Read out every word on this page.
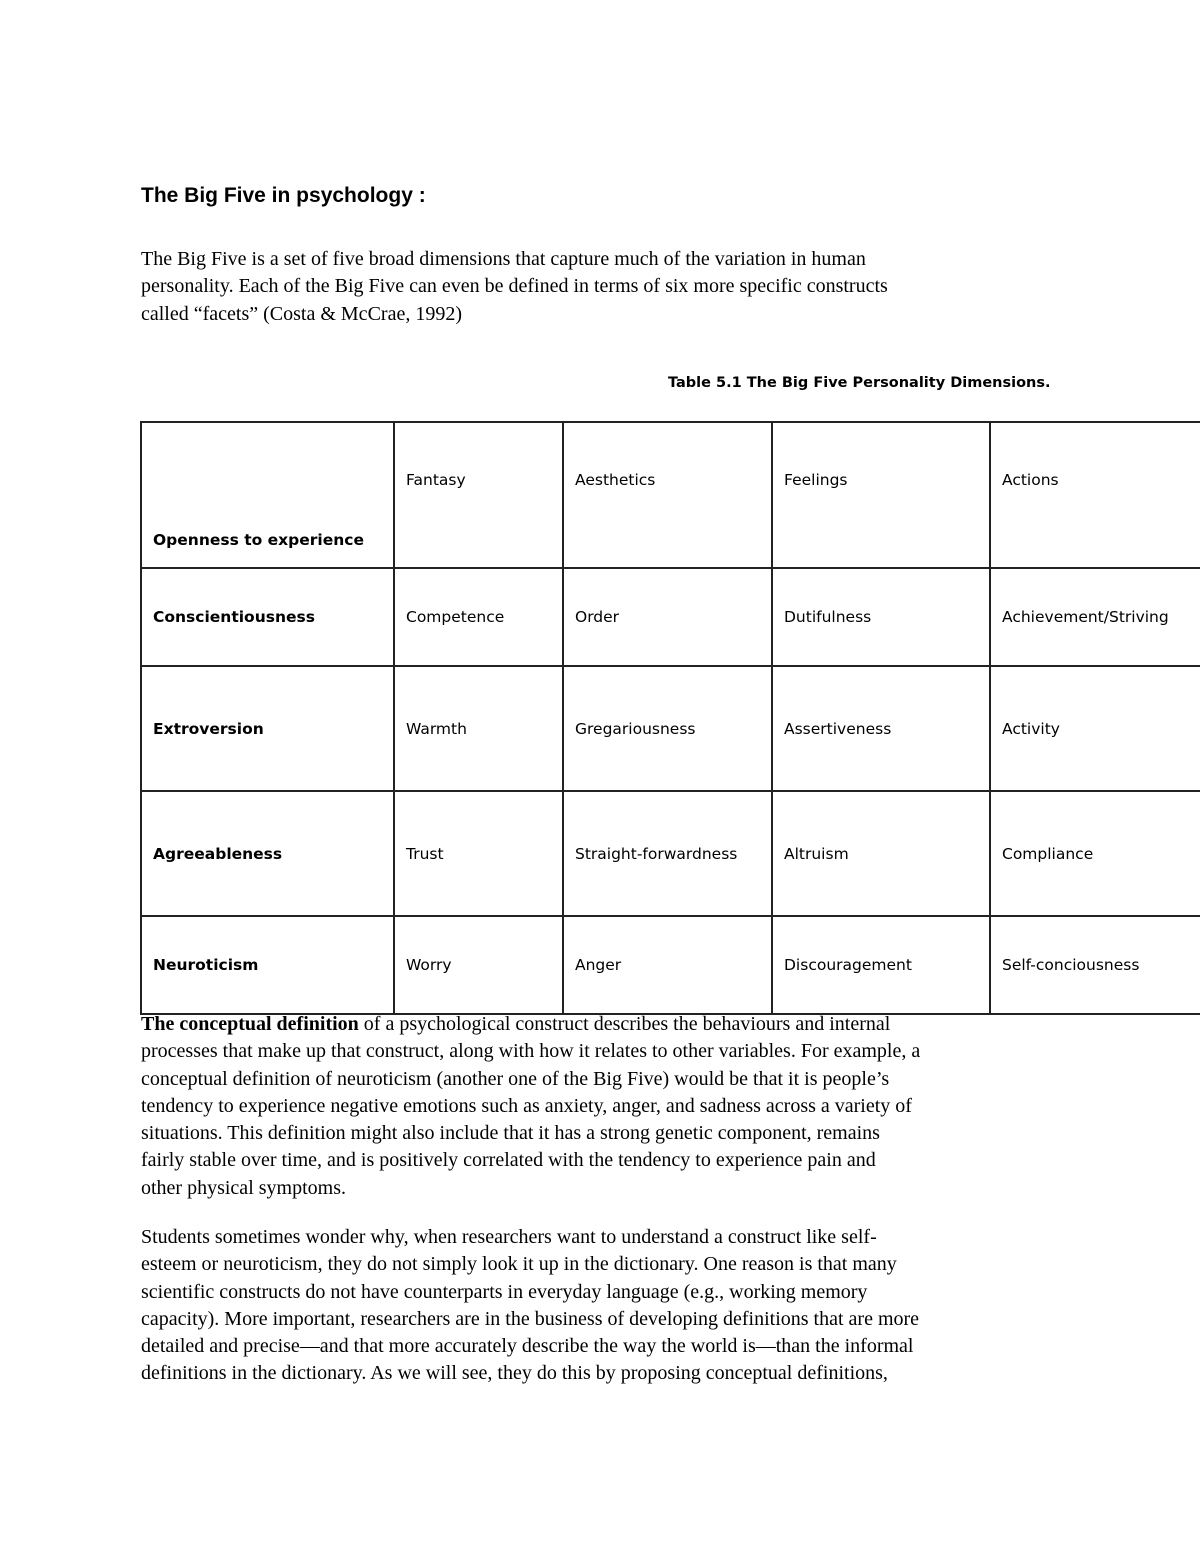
The Big Five in psychology :

The Big Five is a set of five broad dimensions that capture much of the variation in human
personality. Each of the Big Five can even be defined in terms of six more specific constructs
called “facets” (Costa & McCrae, 1992)

Table 5.1 The Big Five Personality Dimensions.
Openness to experience	Fantasy	Aesthetics	Feelings	Actions
Conscientiousness	Competence	Order	Dutifulness	Achievement/Striving
Extroversion	Warmth	Gregariousness	Assertiveness	Activity
Agreeableness	Trust	Straight-forwardness	Altruism	Compliance
Neuroticism	Worry	Anger	Discouragement	Self-conciousness

The conceptual definition of a psychological construct describes the behaviours and internal
processes that make up that construct, along with how it relates to other variables. For example, a
conceptual definition of neuroticism (another one of the Big Five) would be that it is people’s
tendency to experience negative emotions such as anxiety, anger, and sadness across a variety of
situations. This definition might also include that it has a strong genetic component, remains
fairly stable over time, and is positively correlated with the tendency to experience pain and
other physical symptoms.

Students sometimes wonder why, when researchers want to understand a construct like self-
esteem or neuroticism, they do not simply look it up in the dictionary. One reason is that many
scientific constructs do not have counterparts in everyday language (e.g., working memory
capacity). More important, researchers are in the business of developing definitions that are more
detailed and precise—and that more accurately describe the way the world is—than the informal
definitions in the dictionary. As we will see, they do this by proposing conceptual definitions,
